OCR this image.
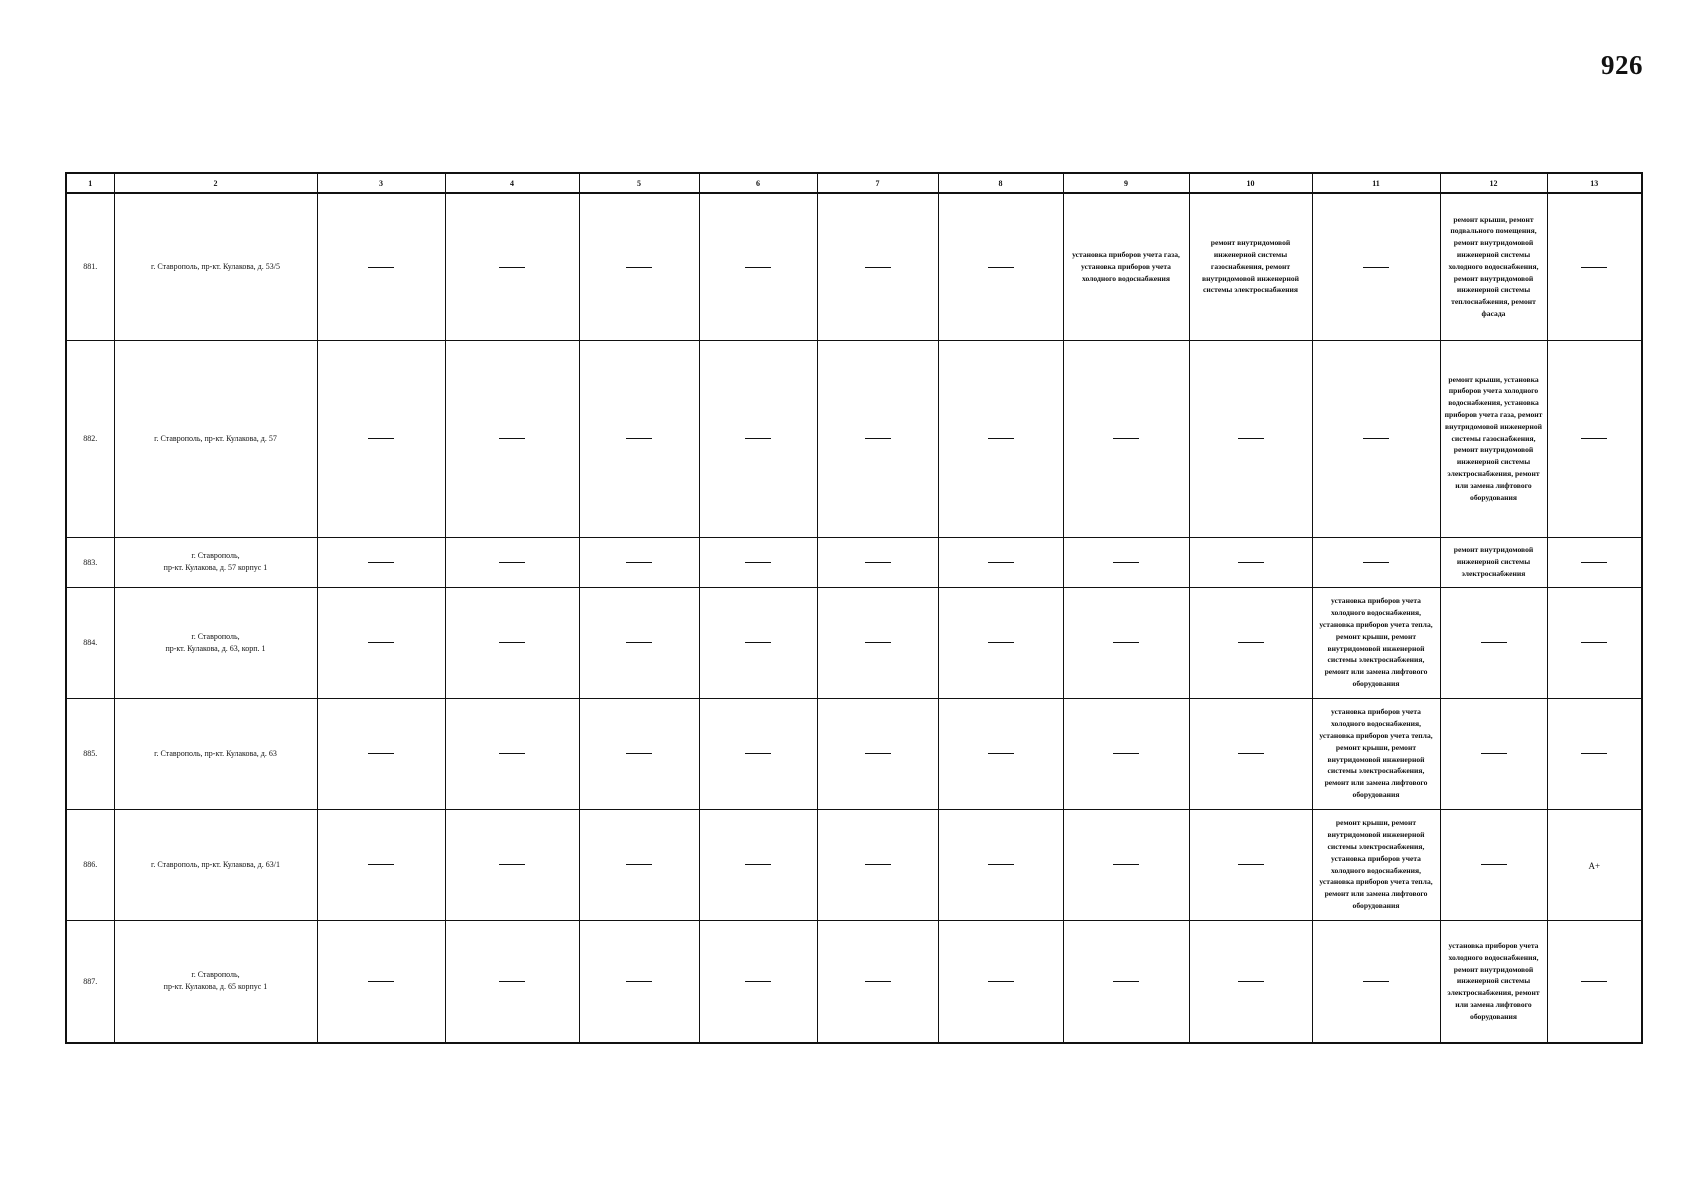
926
1	2	3	4	5	6	7	8	9	10	11	12	13
881.	г. Ставрополь, пр-кт. Кулакова, д. 53/5							установка приборов учета газа, установка приборов учета холодного водоснабжения	ремонт внутридомовой инженерной системы газоснабжения, ремонт внутридомовой инженерной системы электроснабжения		ремонт крыши, ремонт подвального помещения, ремонт внутридомовой инженерной системы холодного водоснабжения, ремонт внутридомовой инженерной системы теплоснабжения, ремонт фасада	

882.	г. Ставрополь, пр-кт. Кулакова, д. 57										ремонт крыши, установка приборов учета холодного водоснабжения, установка приборов учета газа, ремонт внутридомовой инженерной системы газоснабжения, ремонт внутридомовой инженерной системы электроснабжения, ремонт или замена лифтового оборудования	

883.	г. Ставрополь,
пр-кт. Кулакова, д. 57 корпус 1										ремонт внутридомовой инженерной системы электроснабжения	

884.	г. Ставрополь,
пр-кт. Кулакова, д. 63, корп. 1									установка приборов учета холодного водоснабжения, установка приборов учета тепла, ремонт крыши, ремонт внутридомовой инженерной системы электроснабжения, ремонт или замена лифтового оборудования		

885.	г. Ставрополь, пр-кт. Кулакова, д. 63									установка приборов учета холодного водоснабжения, установка приборов учета тепла, ремонт крыши, ремонт внутридомовой инженерной системы электроснабжения, ремонт или замена лифтового оборудования		

886.	г. Ставрополь, пр-кт. Кулакова, д. 63/1									ремонт крыши, ремонт внутридомовой инженерной системы электроснабжения, установка приборов учета холодного водоснабжения, установка приборов учета тепла, ремонт или замена лифтового оборудования		А+
887.	г. Ставрополь,
пр-кт. Кулакова, д. 65 корпус 1										установка приборов учета холодного водоснабжения, ремонт внутридомовой инженерной системы электроснабжения, ремонт или замена лифтового оборудования	
